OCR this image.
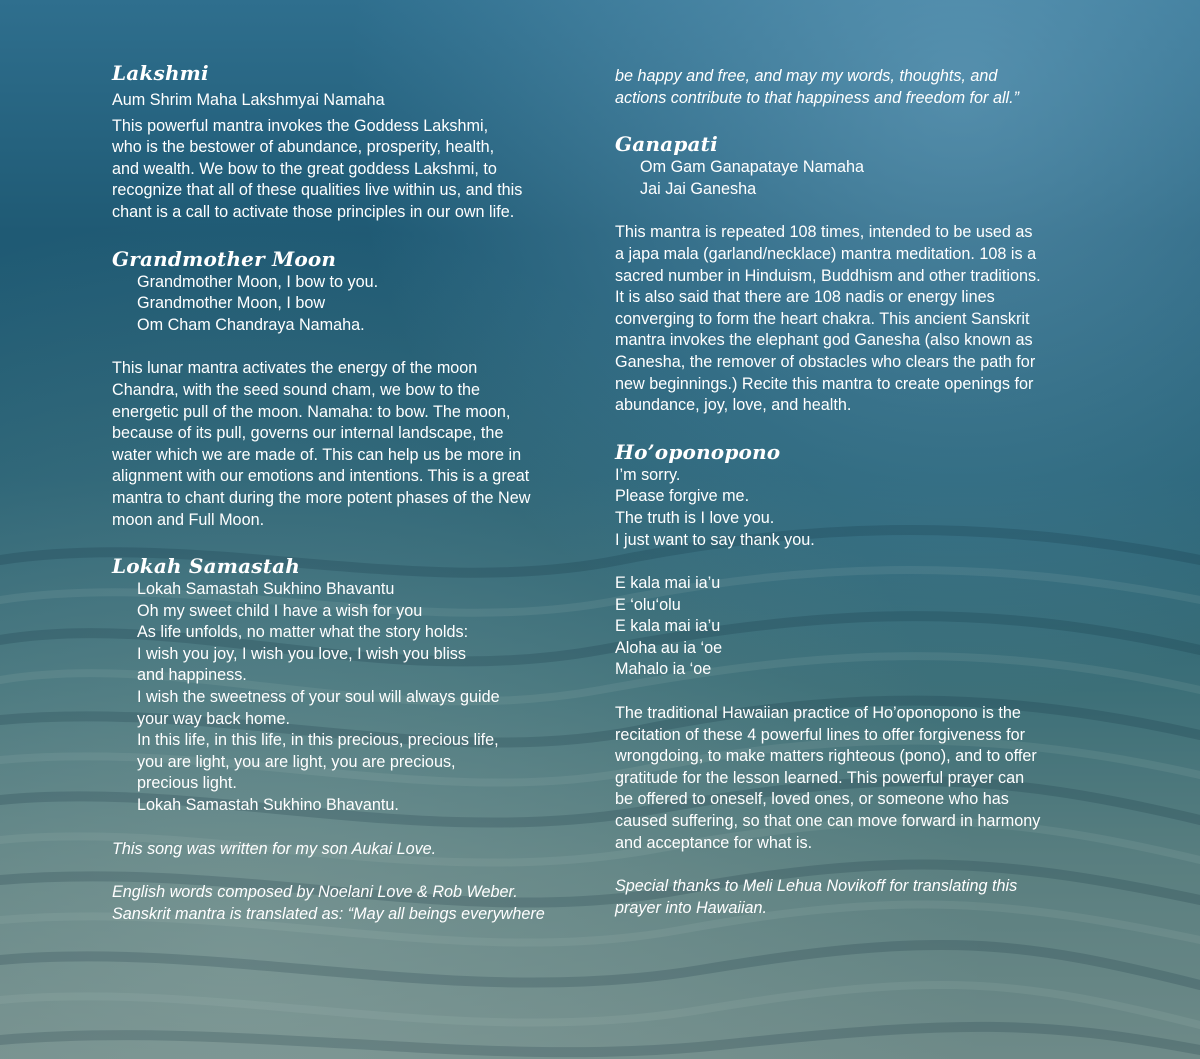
Lakshmi

Aum Shrim Maha Lakshmyai Namaha

This powerful mantra invokes the Goddess Lakshmi,
who is the bestower of abundance, prosperity, health,
and wealth. We bow to the great goddess Lakshmi, to
recognize that all of these qualities live within us, and this
chant is a call to activate those principles in our own life.

Grandmother Moon
Grandmother Moon, I bow to you.
Grandmother Moon, I bow
Om Cham Chandraya Namaha.

This lunar mantra activates the energy of the moon
Chandra, with the seed sound cham, we bow to the
energetic pull of the moon. Namaha: to bow. The moon,
because of its pull, governs our internal landscape, the
water which we are made of. This can help us be more in
alignment with our emotions and intentions. This is a great
mantra to chant during the more potent phases of the New
moon and Full Moon.

Lokah Samastah
Lokah Samastah Sukhino Bhavantu
Oh my sweet child I have a wish for you
As life unfolds, no matter what the story holds:
I wish you joy, I wish you love, I wish you bliss
and happiness.
I wish the sweetness of your soul will always guide
your way back home.
In this life, in this life, in this precious, precious life,
you are light, you are light, you are precious,
precious light.
Lokah Samastah Sukhino Bhavantu.

This song was written for my son Aukai Love.

English words composed by Noelani Love & Rob Weber.
Sanskrit mantra is translated as: “May all beings everywhere

be happy and free, and may my words, thoughts, and
actions contribute to that happiness and freedom for all.”

Ganapati
Om Gam Ganapataye Namaha
Jai Jai Ganesha

This mantra is repeated 108 times, intended to be used as
a japa mala (garland/necklace) mantra meditation. 108 is a
sacred number in Hinduism, Buddhism and other traditions.
It is also said that there are 108 nadis or energy lines
converging to form the heart chakra. This ancient Sanskrit
mantra invokes the elephant god Ganesha (also known as
Ganesha, the remover of obstacles who clears the path for
new beginnings.) Recite this mantra to create openings for
abundance, joy, love, and health.

Ho’oponopono
I’m sorry.
Please forgive me.
The truth is I love you.
I just want to say thank you.
E kala mai ia’u
E ‘olu‘olu
E kala mai ia’u
Aloha au ia ‘oe
Mahalo ia ‘oe

The traditional Hawaiian practice of Ho’oponopono is the
recitation of these 4 powerful lines to offer forgiveness for
wrongdoing, to make matters righteous (pono), and to offer
gratitude for the lesson learned. This powerful prayer can
be offered to oneself, loved ones, or someone who has
caused suffering, so that one can move forward in harmony
and acceptance for what is.

Special thanks to Meli Lehua Novikoff for translating this
prayer into Hawaiian.
